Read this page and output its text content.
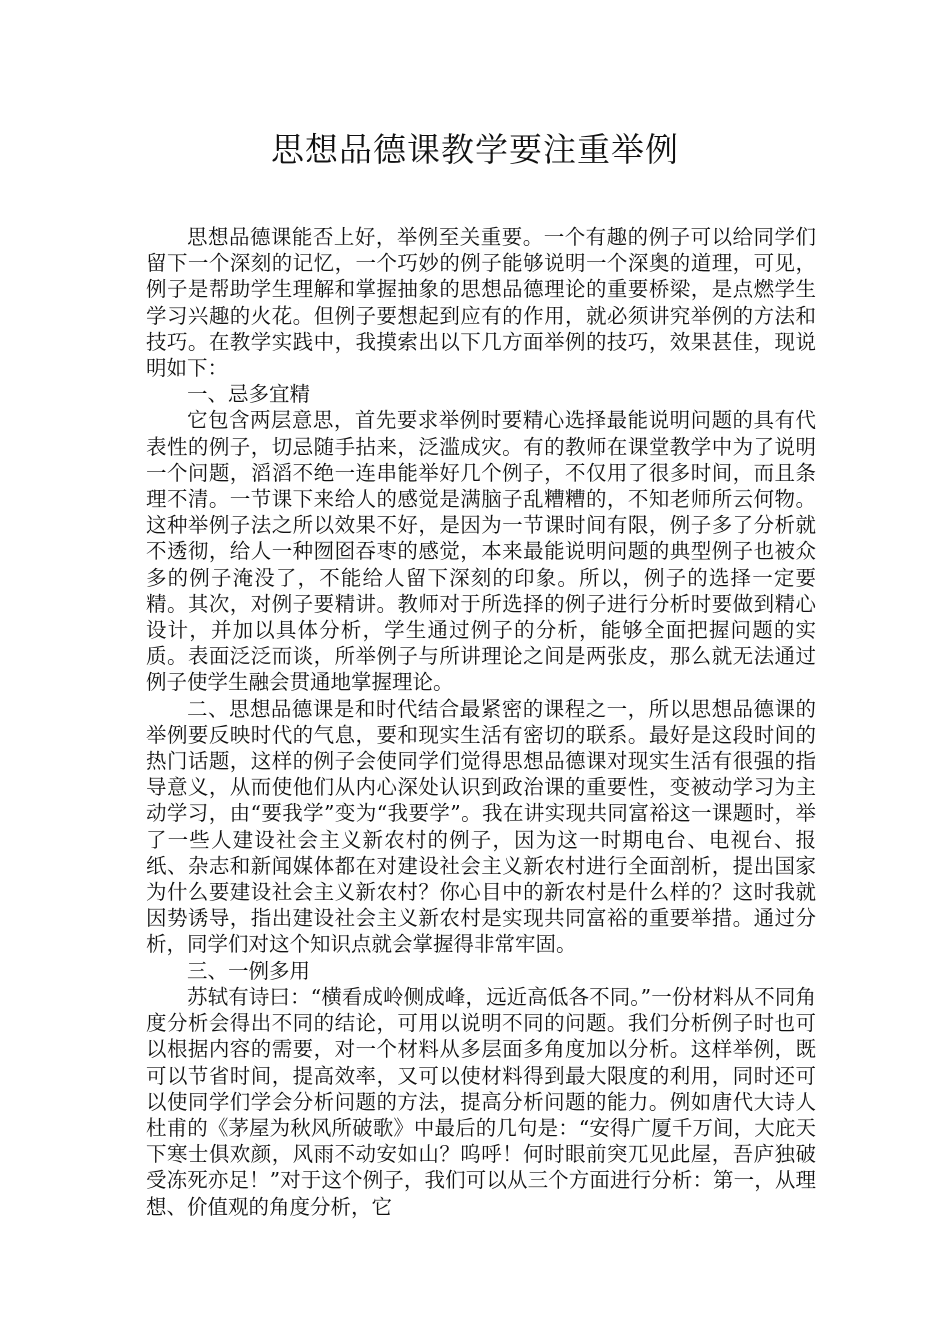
思想品德课教学要注重举例

思想品德课能否上好，举例至关重要。一个有趣的例子可以给同学们留下一个深刻的记忆，一个巧妙的例子能够说明一个深奥的道理，可见，例子是帮助学生理解和掌握抽象的思想品德理论的重要桥梁，是点燃学生学习兴趣的火花。但例子要想起到应有的作用，就必须讲究举例的方法和技巧。在教学实践中，我摸索出以下几方面举例的技巧，效果甚佳，现说明如下：

一、忌多宜精

它包含两层意思，首先要求举例时要精心选择最能说明问题的具有代表性的例子，切忌随手拈来，泛滥成灾。有的教师在课堂教学中为了说明一个问题，滔滔不绝一连串能举好几个例子，不仅用了很多时间，而且条理不清。一节课下来给人的感觉是满脑子乱糟糟的，不知老师所云何物。这种举例子法之所以效果不好，是因为一节课时间有限，例子多了分析就不透彻，给人一种囫囵吞枣的感觉，本来最能说明问题的典型例子也被众多的例子淹没了，不能给人留下深刻的印象。所以，例子的选择一定要精。其次，对例子要精讲。教师对于所选择的例子进行分析时要做到精心设计，并加以具体分析，学生通过例子的分析，能够全面把握问题的实质。表面泛泛而谈，所举例子与所讲理论之间是两张皮，那么就无法通过例子使学生融会贯通地掌握理论。

二、思想品德课是和时代结合最紧密的课程之一，所以思想品德课的举例要反映时代的气息，要和现实生活有密切的联系。最好是这段时间的热门话题，这样的例子会使同学们觉得思想品德课对现实生活有很强的指导意义，从而使他们从内心深处认识到政治课的重要性，变被动学习为主动学习，由“要我学”变为“我要学”。我在讲实现共同富裕这一课题时，举了一些人建设社会主义新农村的例子，因为这一时期电台、电视台、报纸、杂志和新闻媒体都在对建设社会主义新农村进行全面剖析，提出国家为什么要建设社会主义新农村？你心目中的新农村是什么样的？这时我就因势诱导，指出建设社会主义新农村是实现共同富裕的重要举措。通过分析，同学们对这个知识点就会掌握得非常牢固。

三、一例多用

苏轼有诗曰：“横看成岭侧成峰，远近高低各不同。”一份材料从不同角度分析会得出不同的结论，可用以说明不同的问题。我们分析例子时也可以根据内容的需要，对一个材料从多层面多角度加以分析。这样举例，既可以节省时间，提高效率，又可以使材料得到最大限度的利用，同时还可以使同学们学会分析问题的方法，提高分析问题的能力。例如唐代大诗人杜甫的《茅屋为秋风所破歌》中最后的几句是：“安得广厦千万间，大庇天下寒士俱欢颜，风雨不动安如山？呜呼！何时眼前突兀见此屋，吾庐独破受冻死亦足！”对于这个例子，我们可以从三个方面进行分析：第一，从理想、价值观的角度分析，它
